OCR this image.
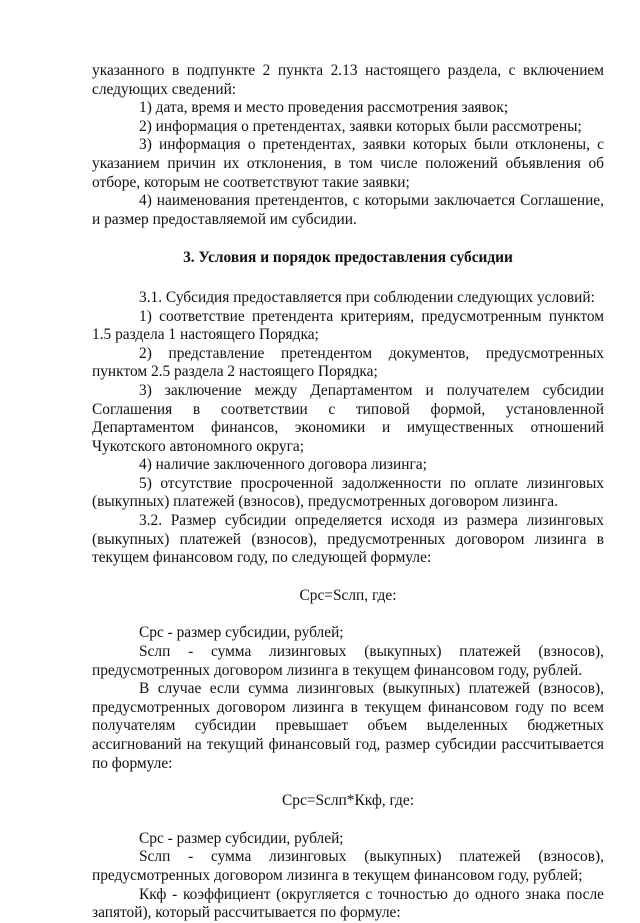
указанного в подпункте 2 пункта 2.13 настоящего раздела, с включением следующих сведений:

1) дата, время и место проведения рассмотрения заявок;

2) информация о претендентах, заявки которых были рассмотрены;

3) информация о претендентах, заявки которых были отклонены, с указанием причин их отклонения, в том числе положений объявления об отборе, которым не соответствуют такие заявки;

4) наименования претендентов, с которыми заключается Соглашение, и размер предоставляемой им субсидии.

3. Условия и порядок предоставления субсидии

3.1. Субсидия предоставляется при соблюдении следующих условий:

1) соответствие претендента критериям, предусмотренным пунктом 1.5 раздела 1 настоящего Порядка;

2) представление претендентом документов, предусмотренных пунктом 2.5 раздела 2 настоящего Порядка;

3) заключение между Департаментом и получателем субсидии Соглашения в соответствии с типовой формой, установленной Департаментом финансов, экономики и имущественных отношений Чукотского автономного округа;

4) наличие заключенного договора лизинга;

5) отсутствие просроченной задолженности по оплате лизинговых (выкупных) платежей (взносов), предусмотренных договором лизинга.

3.2. Размер субсидии определяется исходя из размера лизинговых (выкупных) платежей (взносов), предусмотренных договором лизинга в текущем финансовом году, по следующей формуле:

Срс=Sслп, где:

Срс - размер субсидии, рублей;

Sслп - сумма лизинговых (выкупных) платежей (взносов), предусмотренных договором лизинга в текущем финансовом году, рублей.

В случае если сумма лизинговых (выкупных) платежей (взносов), предусмотренных договором лизинга в текущем финансовом году по всем получателям субсидии превышает объем выделенных бюджетных ассигнований на текущий финансовый год, размер субсидии рассчитывается по формуле:

Срс=Sслп*Ккф, где:

Срс - размер субсидии, рублей;

Sслп - сумма лизинговых (выкупных) платежей (взносов), предусмотренных договором лизинга в текущем финансовом году, рублей;

Ккф - коэффициент (округляется с точностью до одного знака после запятой), который рассчитывается по формуле:
